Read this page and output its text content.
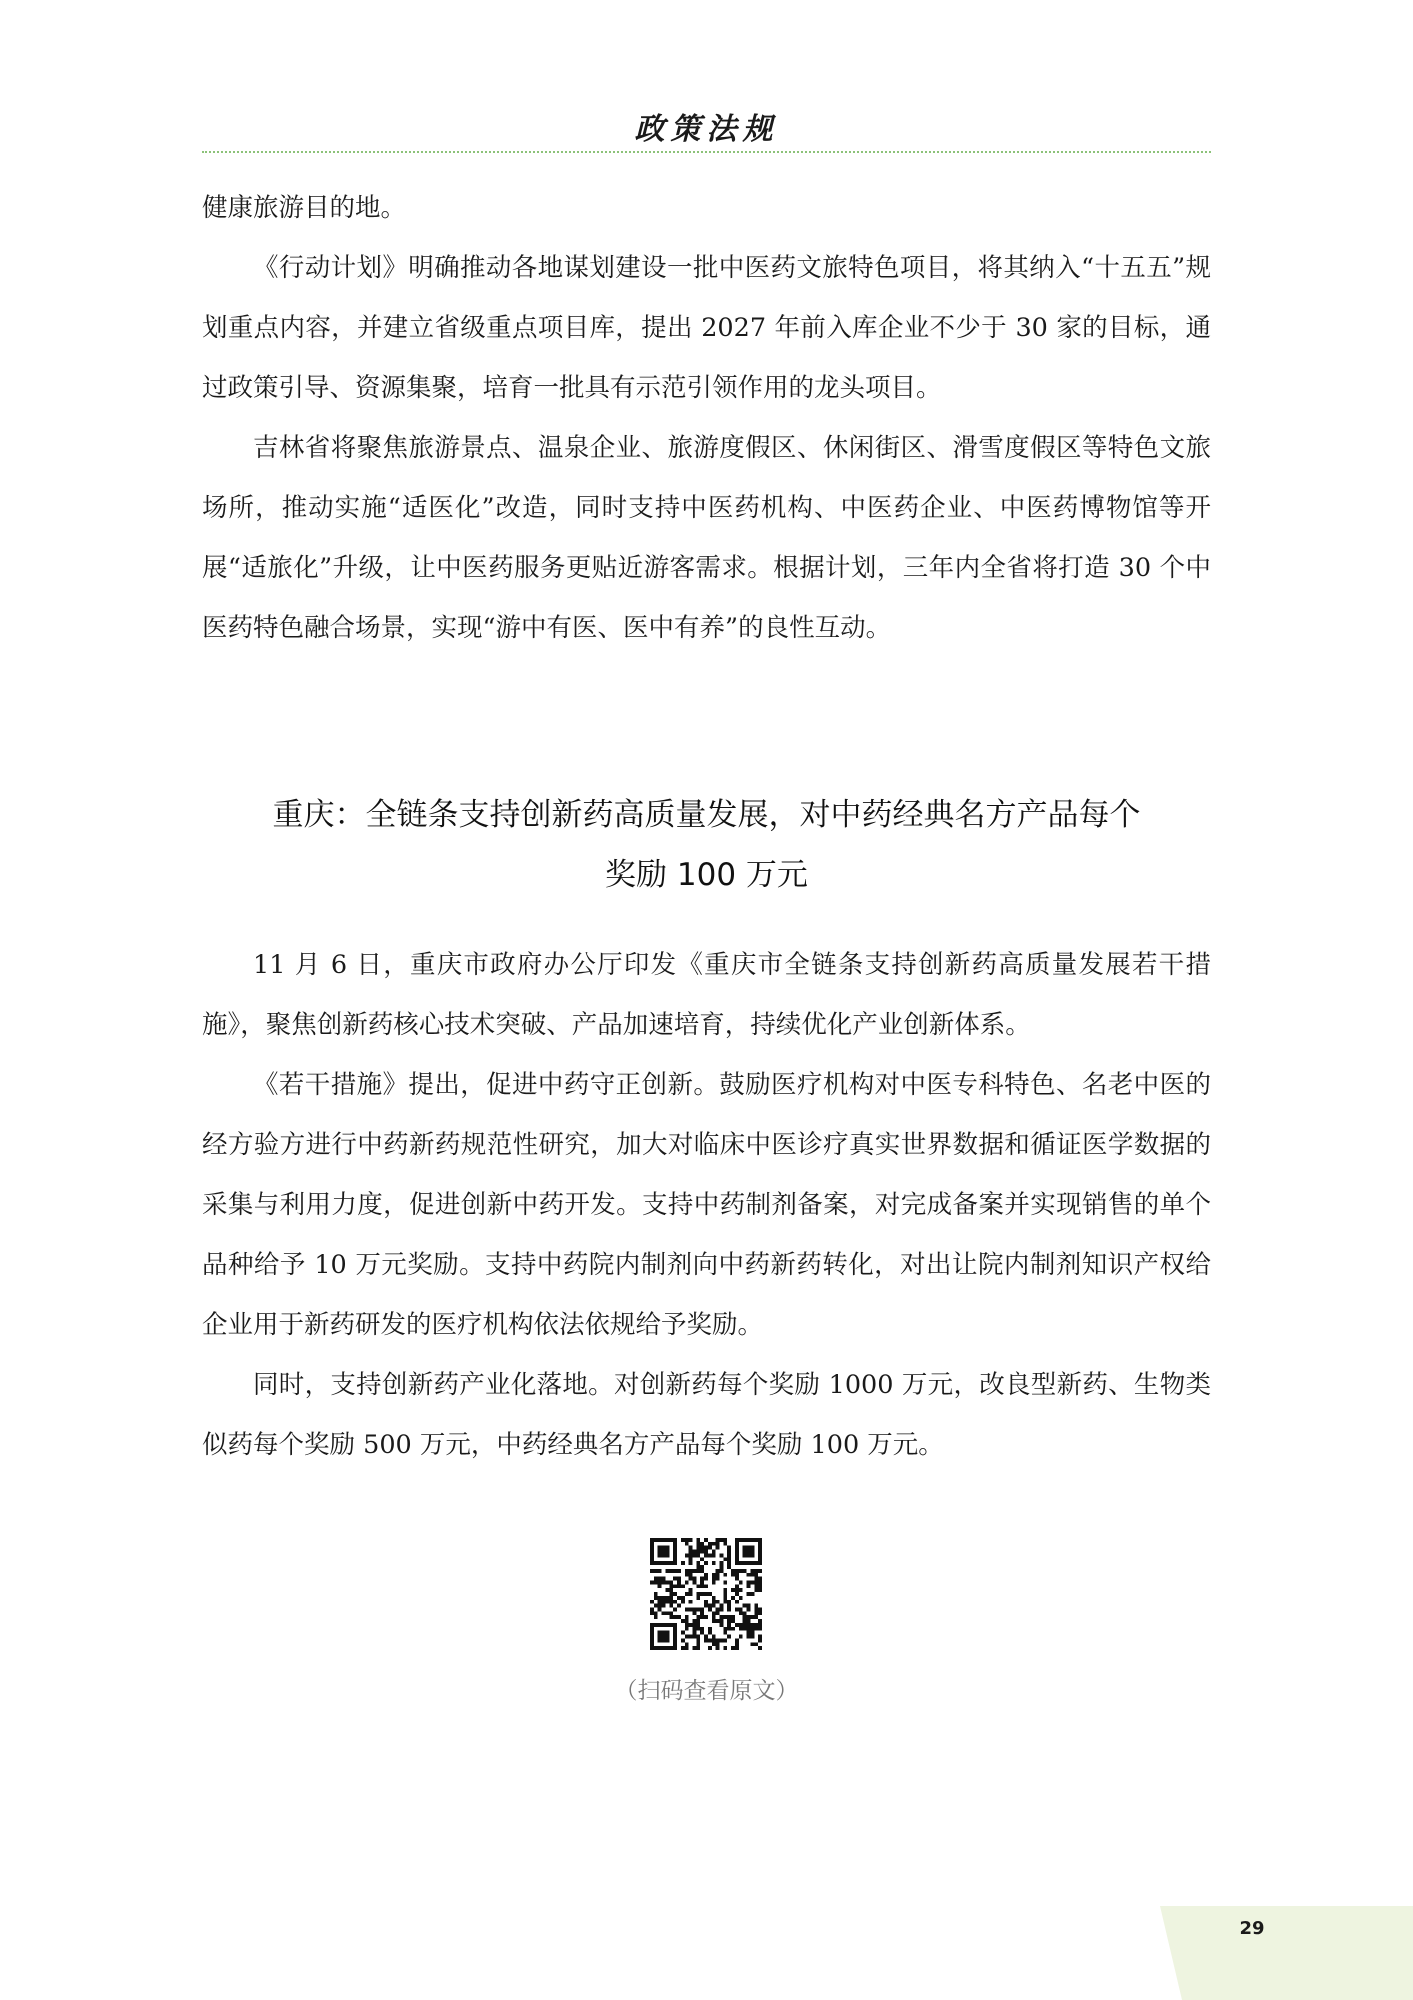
政策法规

健康旅游目的地。

《行动计划》明确推动各地谋划建设一批中医药文旅特色项目，将其纳入“十五五”规划重点内容，并建立省级重点项目库，提出 2027 年前入库企业不少于 30 家的目标，通过政策引导、资源集聚，培育一批具有示范引领作用的龙头项目。

吉林省将聚焦旅游景点、温泉企业、旅游度假区、休闲街区、滑雪度假区等特色文旅场所，推动实施“适医化”改造，同时支持中医药机构、中医药企业、中医药博物馆等开展“适旅化”升级，让中医药服务更贴近游客需求。根据计划，三年内全省将打造 30 个中医药特色融合场景，实现“游中有医、医中有养”的良性互动。

重庆：全链条支持创新药高质量发展，对中药经典名方产品每个
奖励 100 万元

11 月 6 日，重庆市政府办公厅印发《重庆市全链条支持创新药高质量发展若干措施》，聚焦创新药核心技术突破、产品加速培育，持续优化产业创新体系。

《若干措施》提出，促进中药守正创新。鼓励医疗机构对中医专科特色、名老中医的经方验方进行中药新药规范性研究，加大对临床中医诊疗真实世界数据和循证医学数据的采集与利用力度，促进创新中药开发。支持中药制剂备案，对完成备案并实现销售的单个品种给予 10 万元奖励。支持中药院内制剂向中药新药转化，对出让院内制剂知识产权给企业用于新药研发的医疗机构依法依规给予奖励。

同时，支持创新药产业化落地。对创新药每个奖励 1000 万元，改良型新药、生物类似药每个奖励 500 万元，中药经典名方产品每个奖励 100 万元。

（扫码查看原文）
29
